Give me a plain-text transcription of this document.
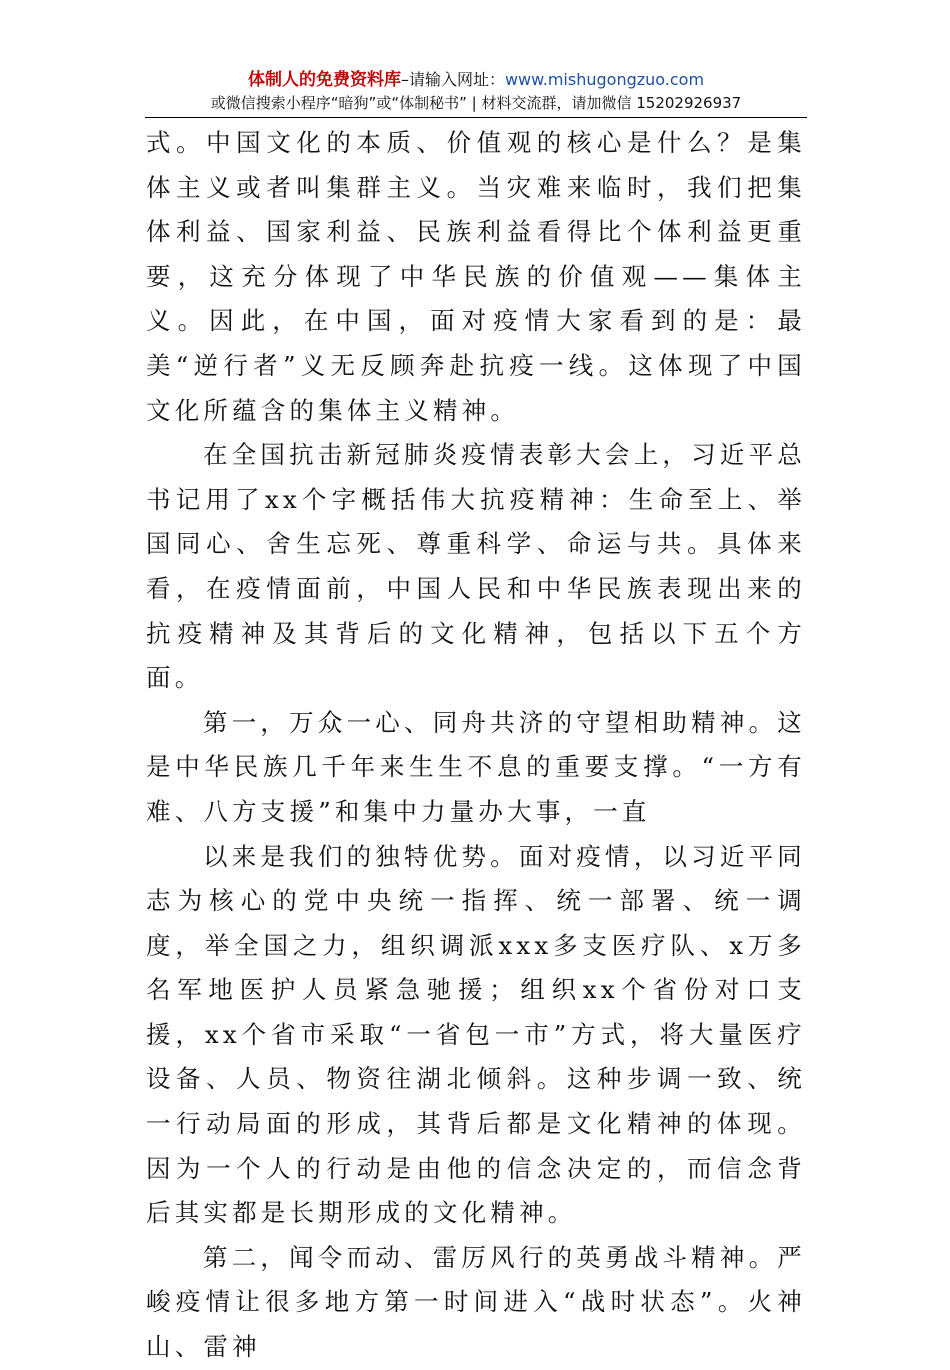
体制人的免费资料库–请输入网址：www.mishugongzuo.com
或微信搜索小程序“暗狗”或“体制秘书” | 材料交流群，请加微信 15202926937

式。中国文化的本质、价值观的核心是什么？是集体主义或者叫集群主义。当灾难来临时，我们把集体利益、国家利益、民族利益看得比个体利益更重要，这充分体现了中华民族的价值观——集体主义。因此，在中国，面对疫情大家看到的是：最美“逆行者”义无反顾奔赴抗疫一线。这体现了中国文化所蕴含的集体主义精神。

在全国抗击新冠肺炎疫情表彰大会上，习近平总书记用了xx个字概括伟大抗疫精神：生命至上、举国同心、舍生忘死、尊重科学、命运与共。具体来看，在疫情面前，中国人民和中华民族表现出来的抗疫精神及其背后的文化精神，包括以下五个方面。

第一，万众一心、同舟共济的守望相助精神。这是中华民族几千年来生生不息的重要支撑。“一方有难、八方支援”和集中力量办大事，一直

以来是我们的独特优势。面对疫情，以习近平同志为核心的党中央统一指挥、统一部署、统一调度，举全国之力，组织调派xxx多支医疗队、x万多名军地医护人员紧急驰援；组织xx个省份对口支援，xx个省市采取“一省包一市”方式，将大量医疗设备、人员、物资往湖北倾斜。这种步调一致、统一行动局面的形成，其背后都是文化精神的体现。因为一个人的行动是由他的信念决定的，而信念背后其实都是长期形成的文化精神。

第二，闻令而动、雷厉风行的英勇战斗精神。严峻疫情让很多地方第一时间进入“战时状态”。火神山、雷神
